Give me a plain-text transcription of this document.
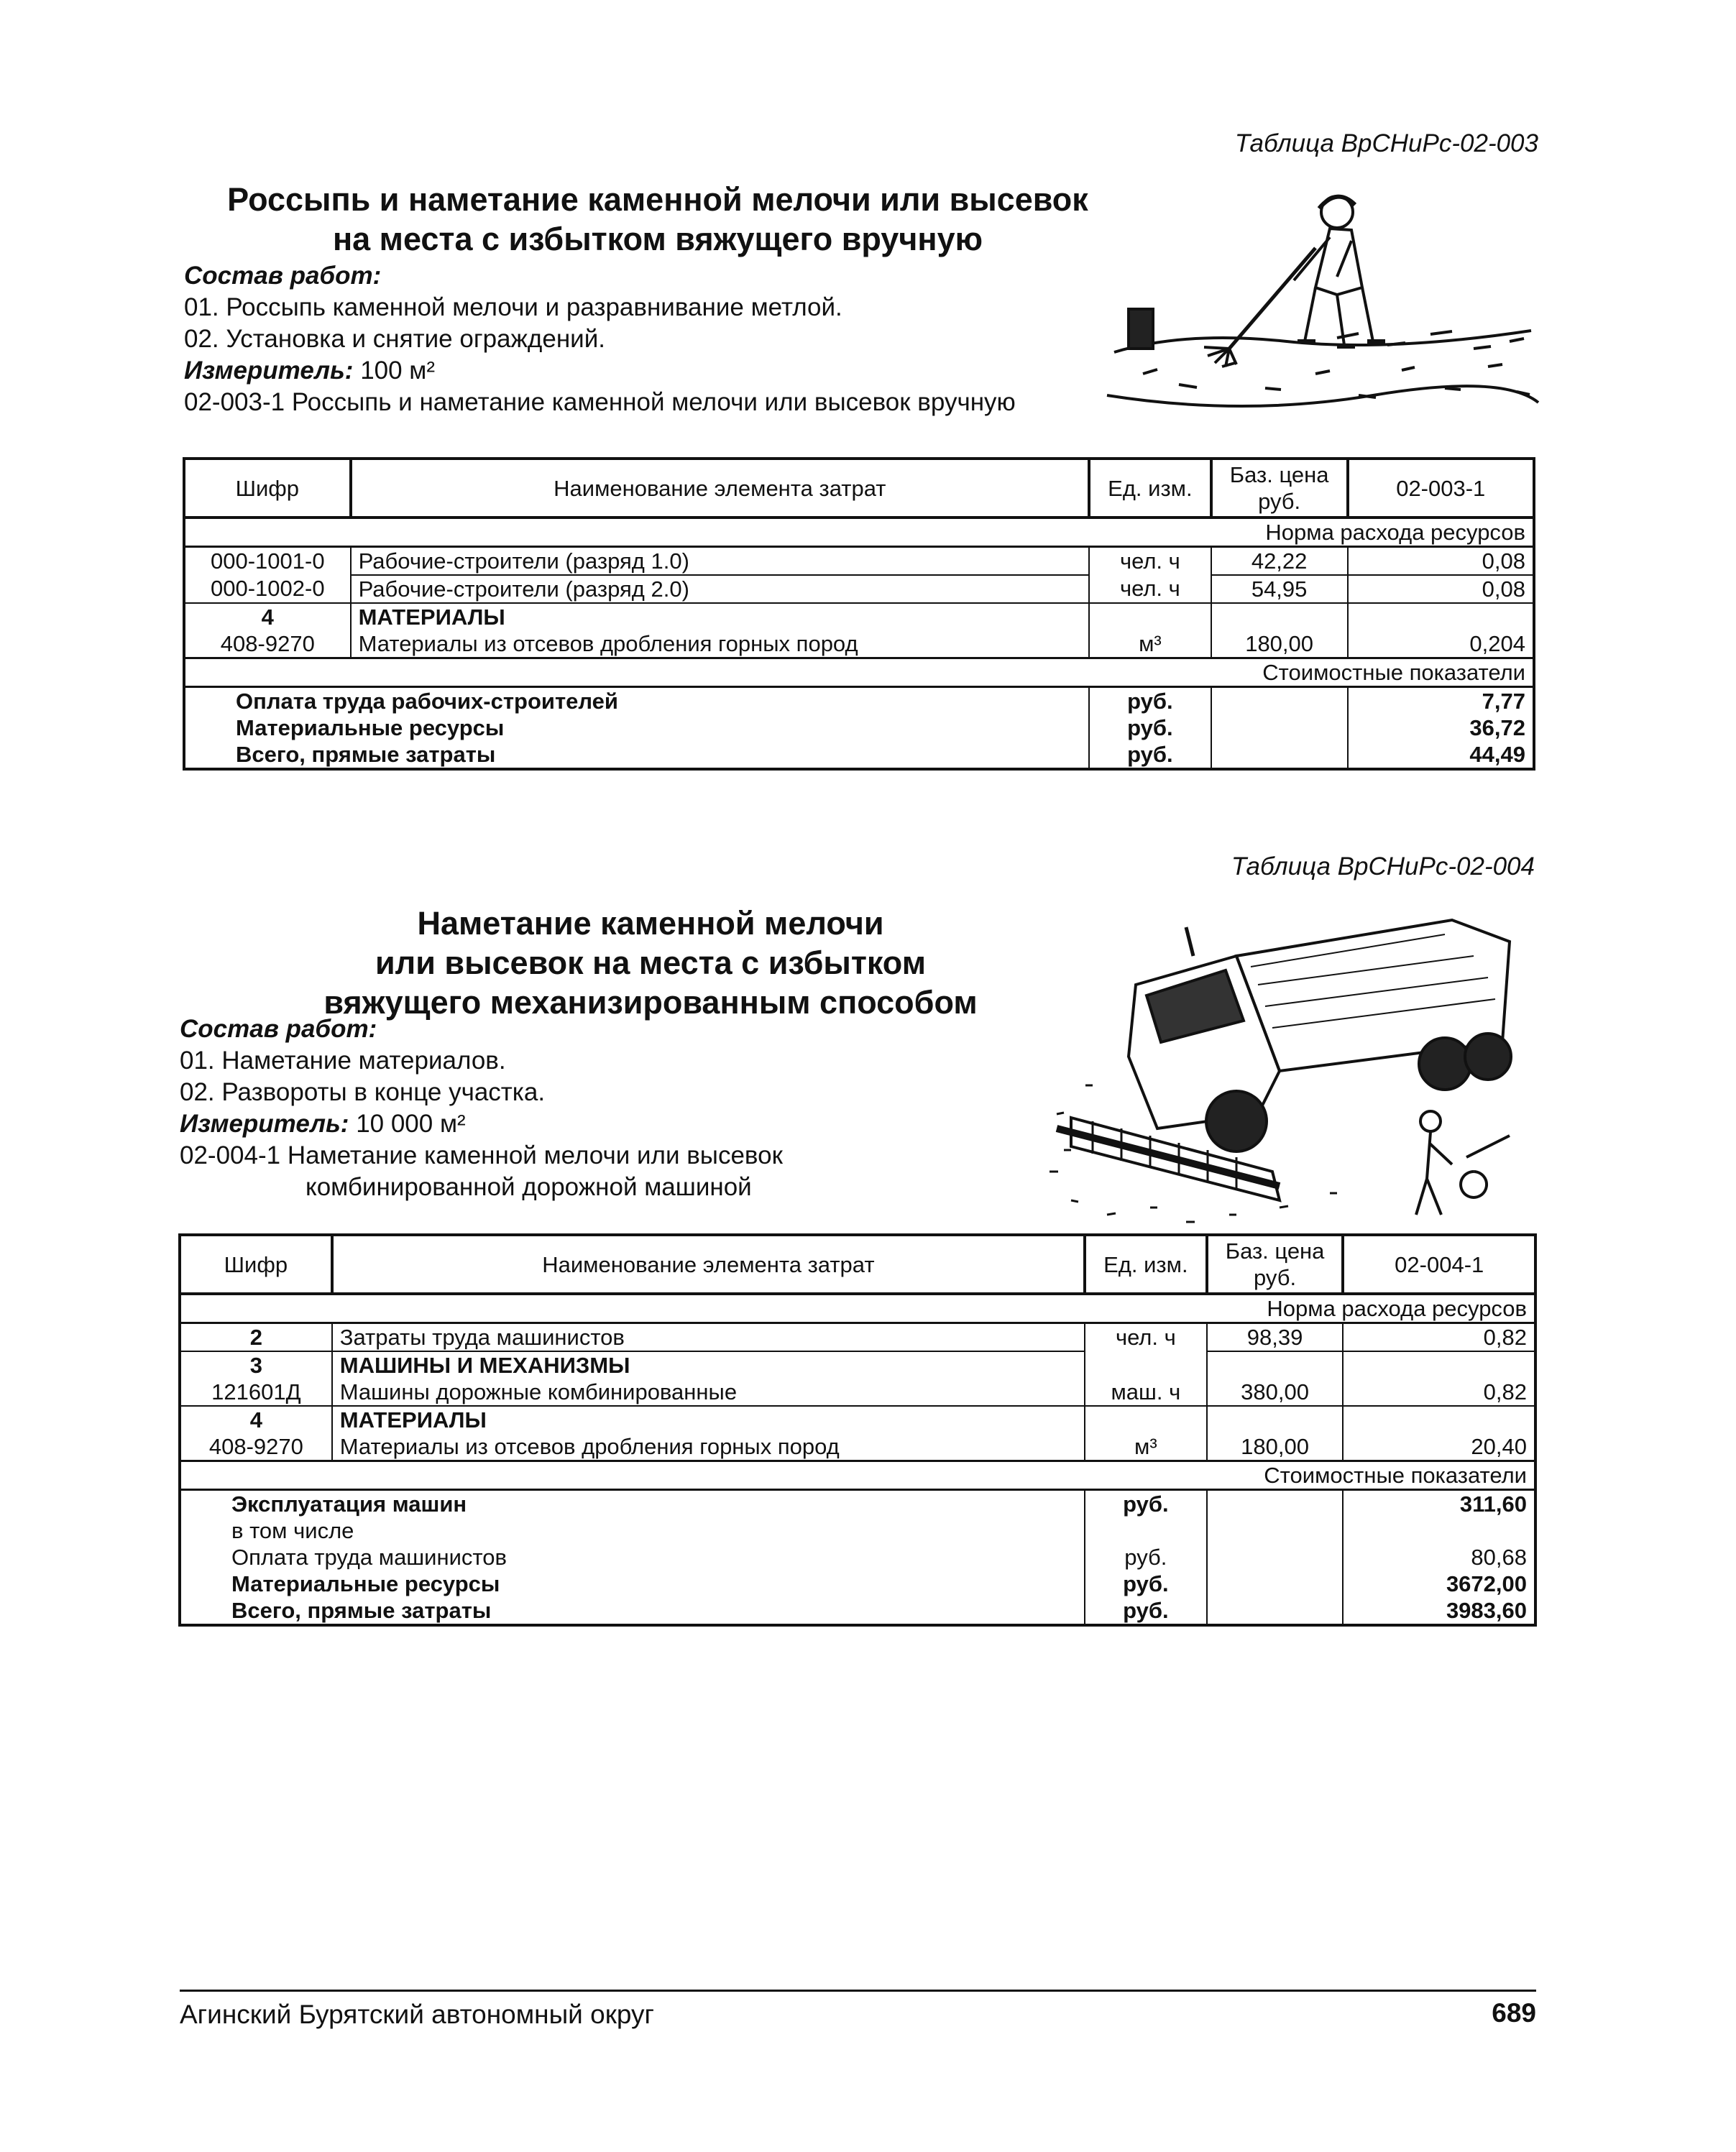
Таблица ВрСНиРс-02-003
Россыпь и наметание каменной мелочи или высевок
на места с избытком вяжущего вручную
Состав работ:
01. Россыпь каменной мелочи и разравнивание метлой.
02. Установка и снятие ограждений.
Измеритель: 100 м²
02-003-1 Россыпь и наметание каменной мелочи или высевок вручную
Шифр	Наименование элемента затрат	Ед. изм.	Баз. цена руб.	02-003-1
Норма расхода ресурсов				
000-1001-0	Рабочие-строители (разряд 1.0)	чел. ч	42,22	0,08
000-1002-0	Рабочие-строители (разряд 2.0)	чел. ч	54,95	0,08
4	МАТЕРИАЛЫ			
408-9270	Материалы из отсевов дробления горных пород	м³	180,00	0,204
Стоимостные показатели				
Оплата труда рабочих-строителей		руб.		7,77
Материальные ресурсы		руб.		36,72
Всего, прямые затраты		руб.		44,49
Таблица ВрСНиРс-02-004
Наметание каменной мелочи
или высевок на места с избытком
вяжущего механизированным способом
Состав работ:
01. Наметание материалов.
02. Развороты в конце участка.
Измеритель: 10 000 м²
02-004-1 Наметание каменной мелочи или высевок
комбинированной дорожной машиной
Шифр	Наименование элемента затрат	Ед. изм.	Баз. цена руб.	02-004-1
Норма расхода ресурсов				
2	Затраты труда машинистов	чел. ч	98,39	0,82
3	МАШИНЫ И МЕХАНИЗМЫ			
121601Д	Машины дорожные комбинированные	маш. ч	380,00	0,82
4	МАТЕРИАЛЫ			
408-9270	Материалы из отсевов дробления горных пород	м³	180,00	20,40
Стоимостные показатели				
Эксплуатация машин		руб.		311,60
в том числе				
Оплата труда машинистов		руб.		80,68
Материальные ресурсы		руб.		3672,00
Всего, прямые затраты		руб.		3983,60
Агинский Бурятский автономный округ	689
